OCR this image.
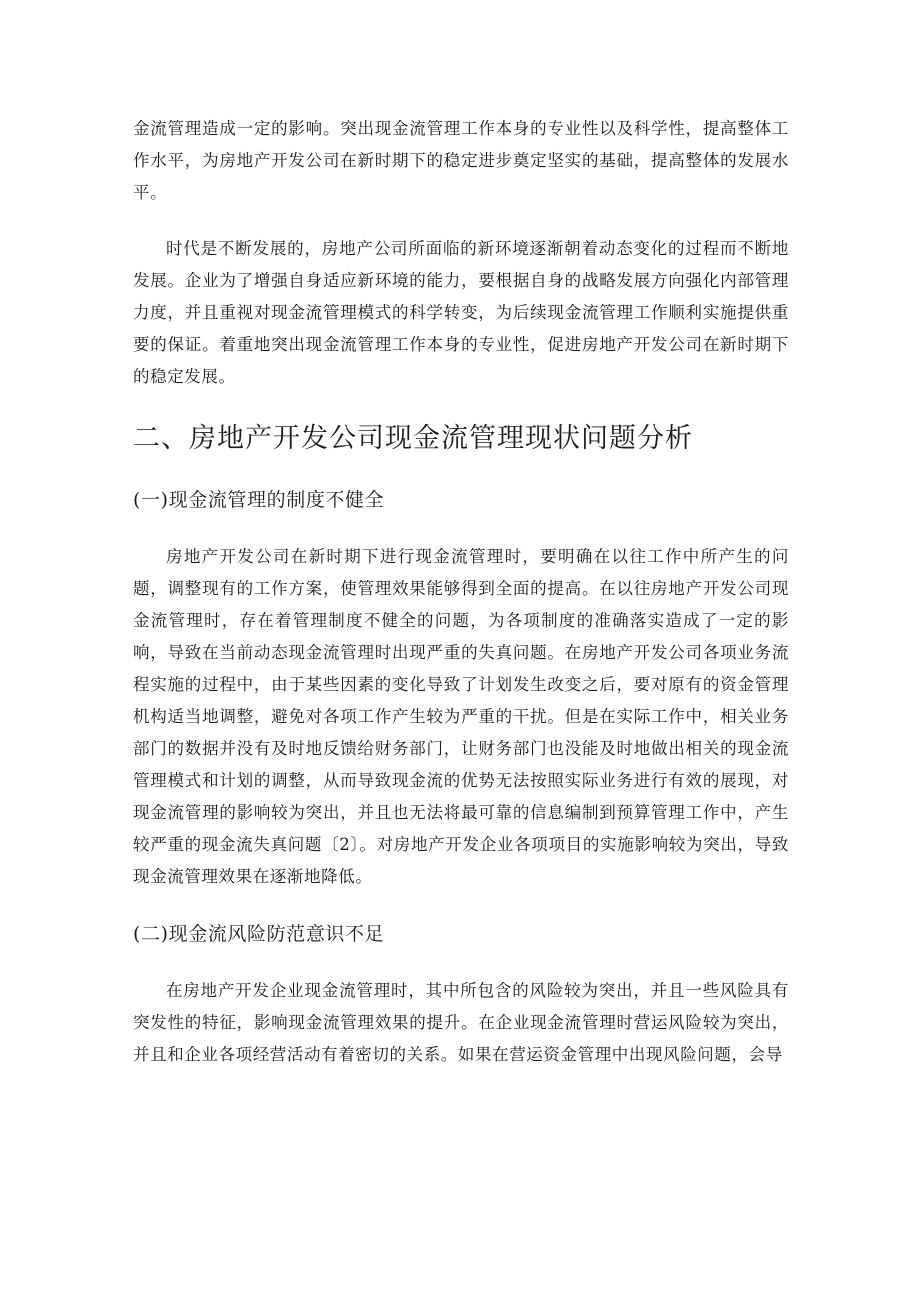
金流管理造成一定的影响。突出现金流管理工作本身的专业性以及科学性，提高整体工作水平，为房地产开发公司在新时期下的稳定进步奠定坚实的基础，提高整体的发展水平。

时代是不断发展的，房地产公司所面临的新环境逐渐朝着动态变化的过程而不断地发展。企业为了增强自身适应新环境的能力，要根据自身的战略发展方向强化内部管理力度，并且重视对现金流管理模式的科学转变，为后续现金流管理工作顺利实施提供重要的保证。着重地突出现金流管理工作本身的专业性，促进房地产开发公司在新时期下的稳定发展。

二、房地产开发公司现金流管理现状问题分析
(一)现金流管理的制度不健全

房地产开发公司在新时期下进行现金流管理时，要明确在以往工作中所产生的问题，调整现有的工作方案，使管理效果能够得到全面的提高。在以往房地产开发公司现金流管理时，存在着管理制度不健全的问题，为各项制度的准确落实造成了一定的影响，导致在当前动态现金流管理时出现严重的失真问题。在房地产开发公司各项业务流程实施的过程中，由于某些因素的变化导致了计划发生改变之后，要对原有的资金管理机构适当地调整，避免对各项工作产生较为严重的干扰。但是在实际工作中，相关业务部门的数据并没有及时地反馈给财务部门，让财务部门也没能及时地做出相关的现金流管理模式和计划的调整，从而导致现金流的优势无法按照实际业务进行有效的展现，对现金流管理的影响较为突出，并且也无法将最可靠的信息编制到预算管理工作中，产生较严重的现金流失真问题〔2〕。对房地产开发企业各项项目的实施影响较为突出，导致现金流管理效果在逐渐地降低。

(二)现金流风险防范意识不足

在房地产开发企业现金流管理时，其中所包含的风险较为突出，并且一些风险具有突发性的特征，影响现金流管理效果的提升。在企业现金流管理时营运风险较为突出，并且和企业各项经营活动有着密切的关系。如果在营运资金管理中出现风险问题，会导
